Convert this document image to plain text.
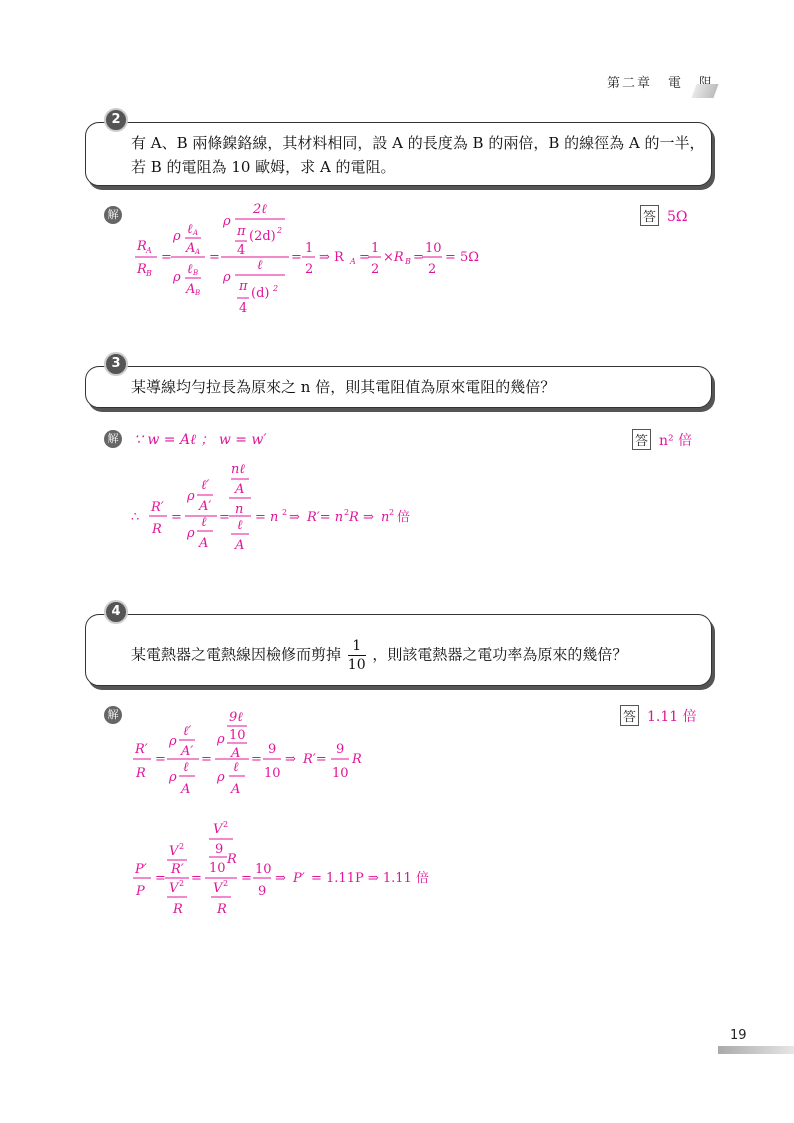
第二章 電
有 A、B 兩條鎳鉻線，其材料相同，設 A 的長度為 B 的兩倍，B 的線徑為 A 的一半，
若 B 的電阻為 10 歐姆，求 A 的電阻。
2
解	答 5Ω
R A
R B
=
ρ ℓ A
A A
ρ
ℓ B
A B
=
ρ
2ℓ
π (2d) 2
4
ρ
ℓ
π (d) 2
4
=
1
2
⇒ R A =
1
2
×R B =
10
2
= 5Ω
某導線均勻拉長為原來之 n 倍，則其電阻值為原來電阻的幾倍？
3
解 ∵ w = Aℓ ； w = w′	答 n² 倍
∴
R′
R
=
ρ
ℓ′
A′
ρ
ℓ
A
=
nℓ
A
n
ℓ
A
= n 2 ⇒ R′= n 2 R ⇒ n 2 倍
某電熱器之電熱線因檢修而剪掉 $\frac{1}{10}$ ，則該電熱器之電功率為原來的幾倍？
4
解	答 1.11 倍
R′
R
=
ρ
ℓ′
A′
ρ
ℓ
A
=
ρ
9ℓ
10
A
ρ
ℓ
A
=
9
10
⇒ R′=
9
10
R
P′
P
=
V 2
R′
V 2
R
=
V 2
9
R
10
V 2
R
=
10
9
⇒ P′ = 1.11P ⇒ 1.11 倍
19
